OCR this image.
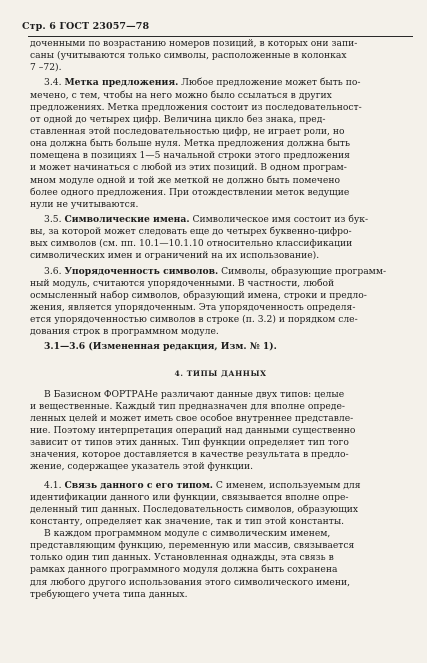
Стр. 6 ГОСТ 23057—78
доченными по возрастанию номеров позиций, в которых они запи-
саны (учитываются только символы, расположенные в колонках
7 –72).
3.4. Метка предложения. Любое предложение может быть по-
мечено, с тем, чтобы на него можно было ссылаться в других
предложениях. Метка предложения состоит из последовательност-
от одной до четырех цифр. Величина цикло без знака, пред-
ставленная этой последовательностью цифр, не играет роли, но
она должна быть больше нуля. Метка предложения должна быть
помещена в позициях 1—5 начальной строки этого предложения
и может начинаться с любой из этих позиций. В одном програм-
мном модуле одной и той же меткой не должно быть помечено
более одного предложения. При отождествлении меток ведущие
нули не учитываются.
3.5. Символические имена. Символическое имя состоит из бук-
вы, за которой может следовать еще до четырех буквенно-цифро-
вых символов (см. пп. 10.1—10.1.10 относительно классификации
символических имен и ограничений на их использование).
3.6. Упорядоченность символов. Символы, образующие программ-
ный модуль, считаются упорядоченными. В частности, любой
осмысленный набор символов, образующий имена, строки и предло-
жения, является упорядоченным. Эта упорядоченность определя-
ется упорядоченностью символов в строке (п. 3.2) и порядком сле-
дования строк в программном модуле.
3.1—3.6 (Измененная редакция, Изм. № 1).
4. ТИПЫ ДАННЫХ
В Базисном ФОРТРАНе различают данные двух типов: целые
и вещественные. Каждый тип предназначен для вполне опреде-
ленных целей и может иметь свое особое внутреннее представле-
ние. Поэтому интерпретация операций над данными существенно
зависит от типов этих данных. Тип функции определяет тип того
значения, которое доставляется в качестве результата в предло-
жение, содержащее указатель этой функции.
4.1. Связь данного с его типом. С именем, используемым для
идентификации данного или функции, связывается вполне опре-
деленный тип данных. Последовательность символов, образующих
константу, определяет как значение, так и тип этой константы.
В каждом программном модуле с символическим именем,
представляющим функцию, переменную или массив, связывается
только один тип данных. Установленная однажды, эта связь в
рамках данного программного модуля должна быть сохранена
для любого другого использования этого символического имени,
требующего учета типа данных.
